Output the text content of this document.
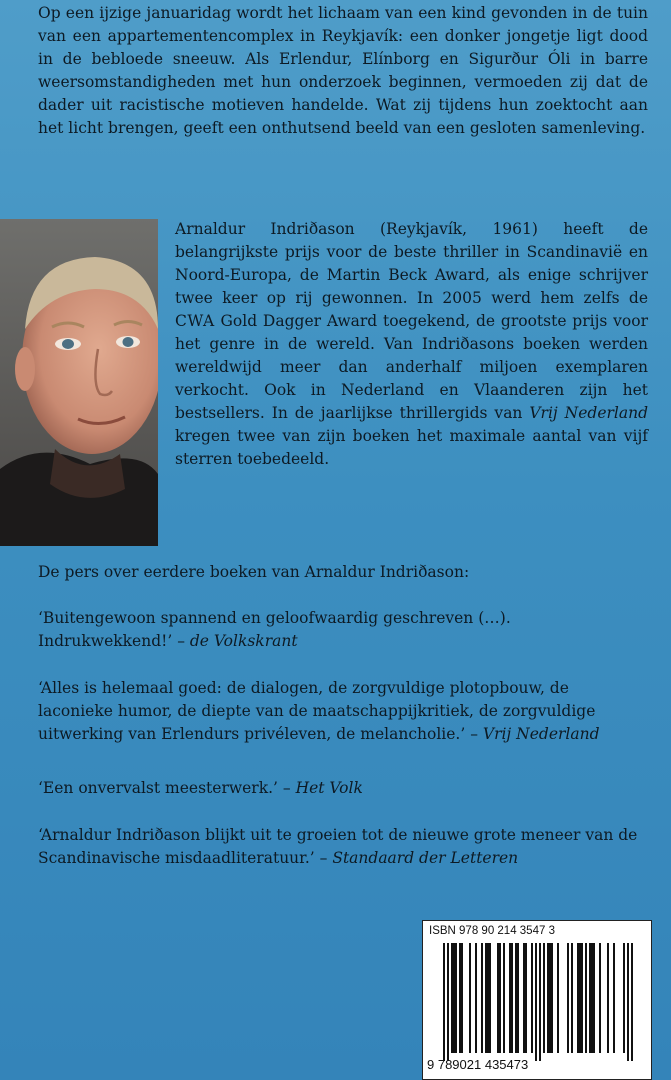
Op een ijzige januaridag wordt het lichaam van een kind gevonden in de tuin van een appartementencomplex in Reykjavík: een donker jongetje ligt dood in de bebloede sneeuw. Als Erlendur, Elínborg en Sigurður Óli in barre weersomstandigheden met hun onderzoek beginnen, vermoeden zij dat de dader uit racistische motieven handelde. Wat zij tijdens hun zoektocht aan het licht brengen, geeft een onthutsend beeld van een gesloten samenleving.

Arnaldur Indriðason (Reykjavík, 1961) heeft de belangrijkste prijs voor de beste thriller in Scandinavië en Noord-Europa, de Martin Beck Award, als enige schrijver twee keer op rij gewonnen. In 2005 werd hem zelfs de CWA Gold Dagger Award toegekend, de grootste prijs voor het genre in de wereld. Van Indriðasons boeken werden wereldwijd meer dan anderhalf miljoen exemplaren verkocht. Ook in Nederland en Vlaanderen zijn het bestsellers. In de jaarlijkse thrillergids van Vrij Nederland kregen twee van zijn boeken het maximale aantal van vijf sterren toebedeeld.

De pers over eerdere boeken van Arnaldur Indriðason:

‘Buitengewoon spannend en geloofwaardig geschreven (…). Indrukwekkend!’ – de Volkskrant

‘Alles is helemaal goed: de dialogen, de zorgvuldige plotopbouw, de laconieke humor, de diepte van de maatschappijkritiek, de zorgvuldige uitwerking van Erlendurs privéleven, de melancholie.’ – Vrij Nederland

‘Een onvervalst meesterwerk.’ – Het Volk

‘Arnaldur Indriðason blijkt uit te groeien tot de nieuwe grote meneer van de Scandinavische misdaadliteratuur.’ – Standaard der Letteren

ISBN 978 90 214 3547 3
9 789021 435473
